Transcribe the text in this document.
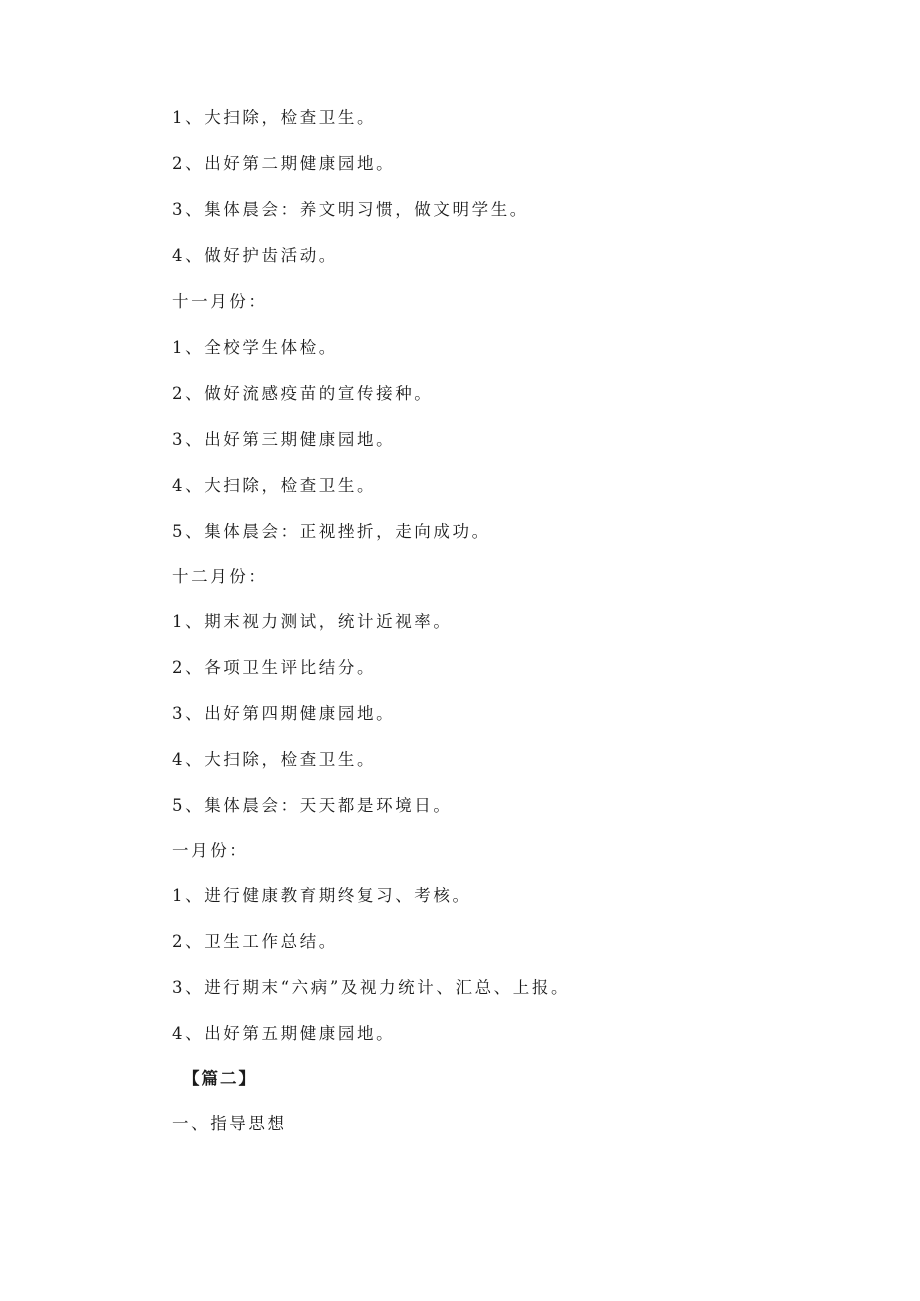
1、大扫除，检查卫生。
2、出好第二期健康园地。
3、集体晨会：养文明习惯，做文明学生。
4、做好护齿活动。
十一月份：
1、全校学生体检。
2、做好流感疫苗的宣传接种。
3、出好第三期健康园地。
4、大扫除，检查卫生。
5、集体晨会：正视挫折，走向成功。
十二月份：
1、期末视力测试，统计近视率。
2、各项卫生评比结分。
3、出好第四期健康园地。
4、大扫除，检查卫生。
5、集体晨会：天天都是环境日。
一月份：
1、进行健康教育期终复习、考核。
2、卫生工作总结。
3、进行期末“六病”及视力统计、汇总、上报。
4、出好第五期健康园地。
【篇二】
一、指导思想
